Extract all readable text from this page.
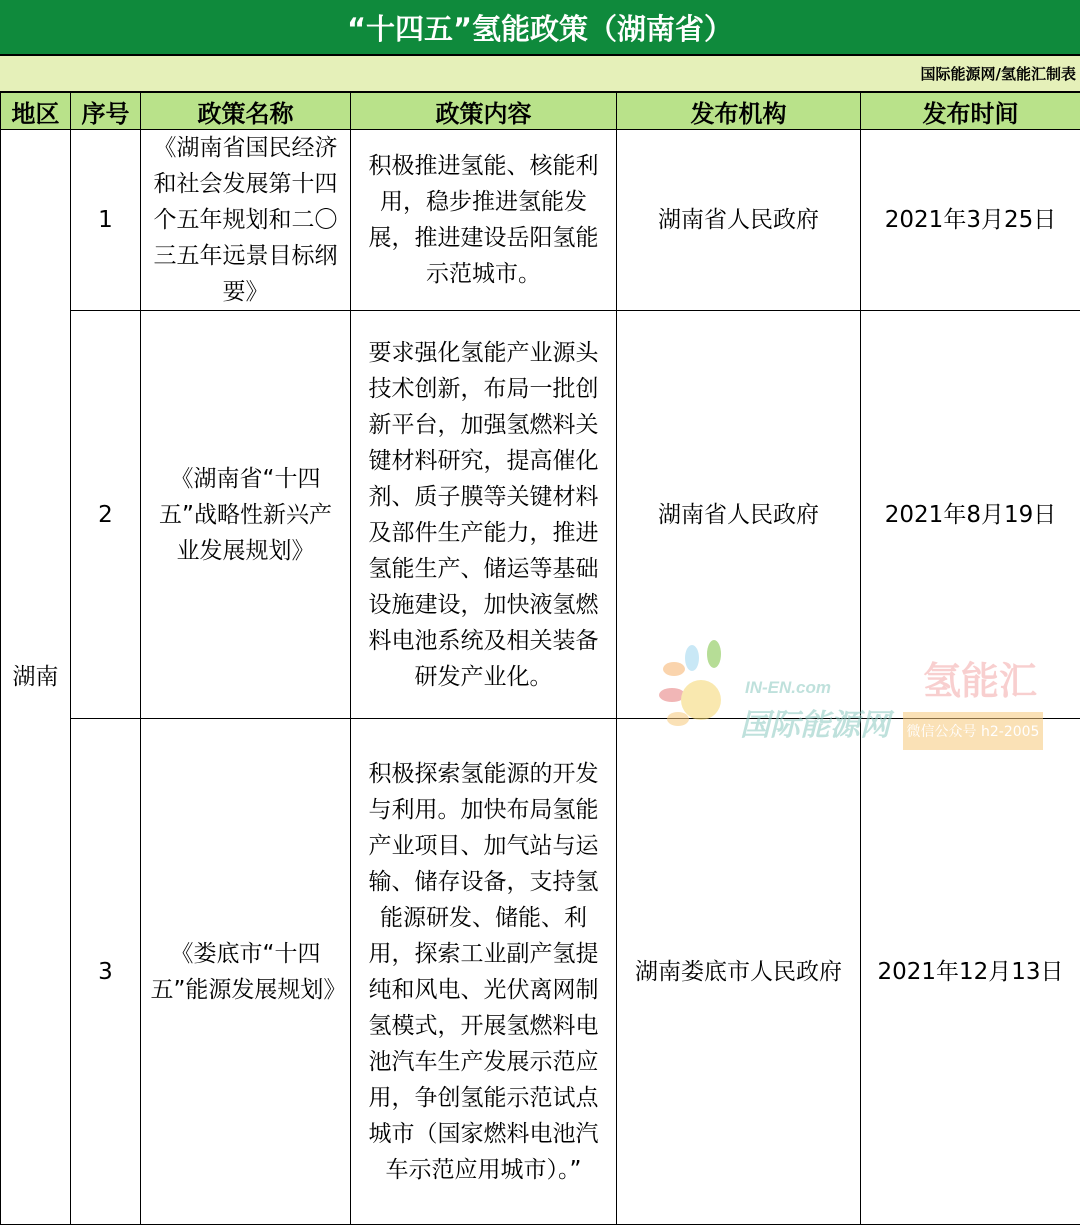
“十四五”氢能政策（湖南省）
国际能源网/氢能汇制表
地区	序号	政策名称	政策内容	发布机构	发布时间
湖南	1	《湖南省国民经济和社会发展第十四个五年规划和二〇三五年远景目标纲要》	积极推进氢能、核能利用，稳步推进氢能发展，推进建设岳阳氢能示范城市。	湖南省人民政府	2021年3月25日
	2	《湖南省“十四五”战略性新兴产业发展规划》	要求强化氢能产业源头技术创新，布局一批创新平台，加强氢燃料关键材料研究，提高催化剂、质子膜等关键材料及部件生产能力，推进氢能生产、储运等基础设施建设，加快液氢燃料电池系统及相关装备研发产业化。	湖南省人民政府	2021年8月19日
	3	《娄底市“十四五”能源发展规划》	积极探索氢能源的开发与利用。加快布局氢能产业项目、加气站与运输、储存设备，支持氢能源研发、储能、利用，探索工业副产氢提纯和风电、光伏离网制氢模式，开展氢燃料电池汽车生产发展示范应用，争创氢能示范试点城市（国家燃料电池汽车示范应用城市）。”	湖南娄底市人民政府	2021年12月13日
IN-EN.com
国际能源网
氢能汇
微信公众号 h2-2005
